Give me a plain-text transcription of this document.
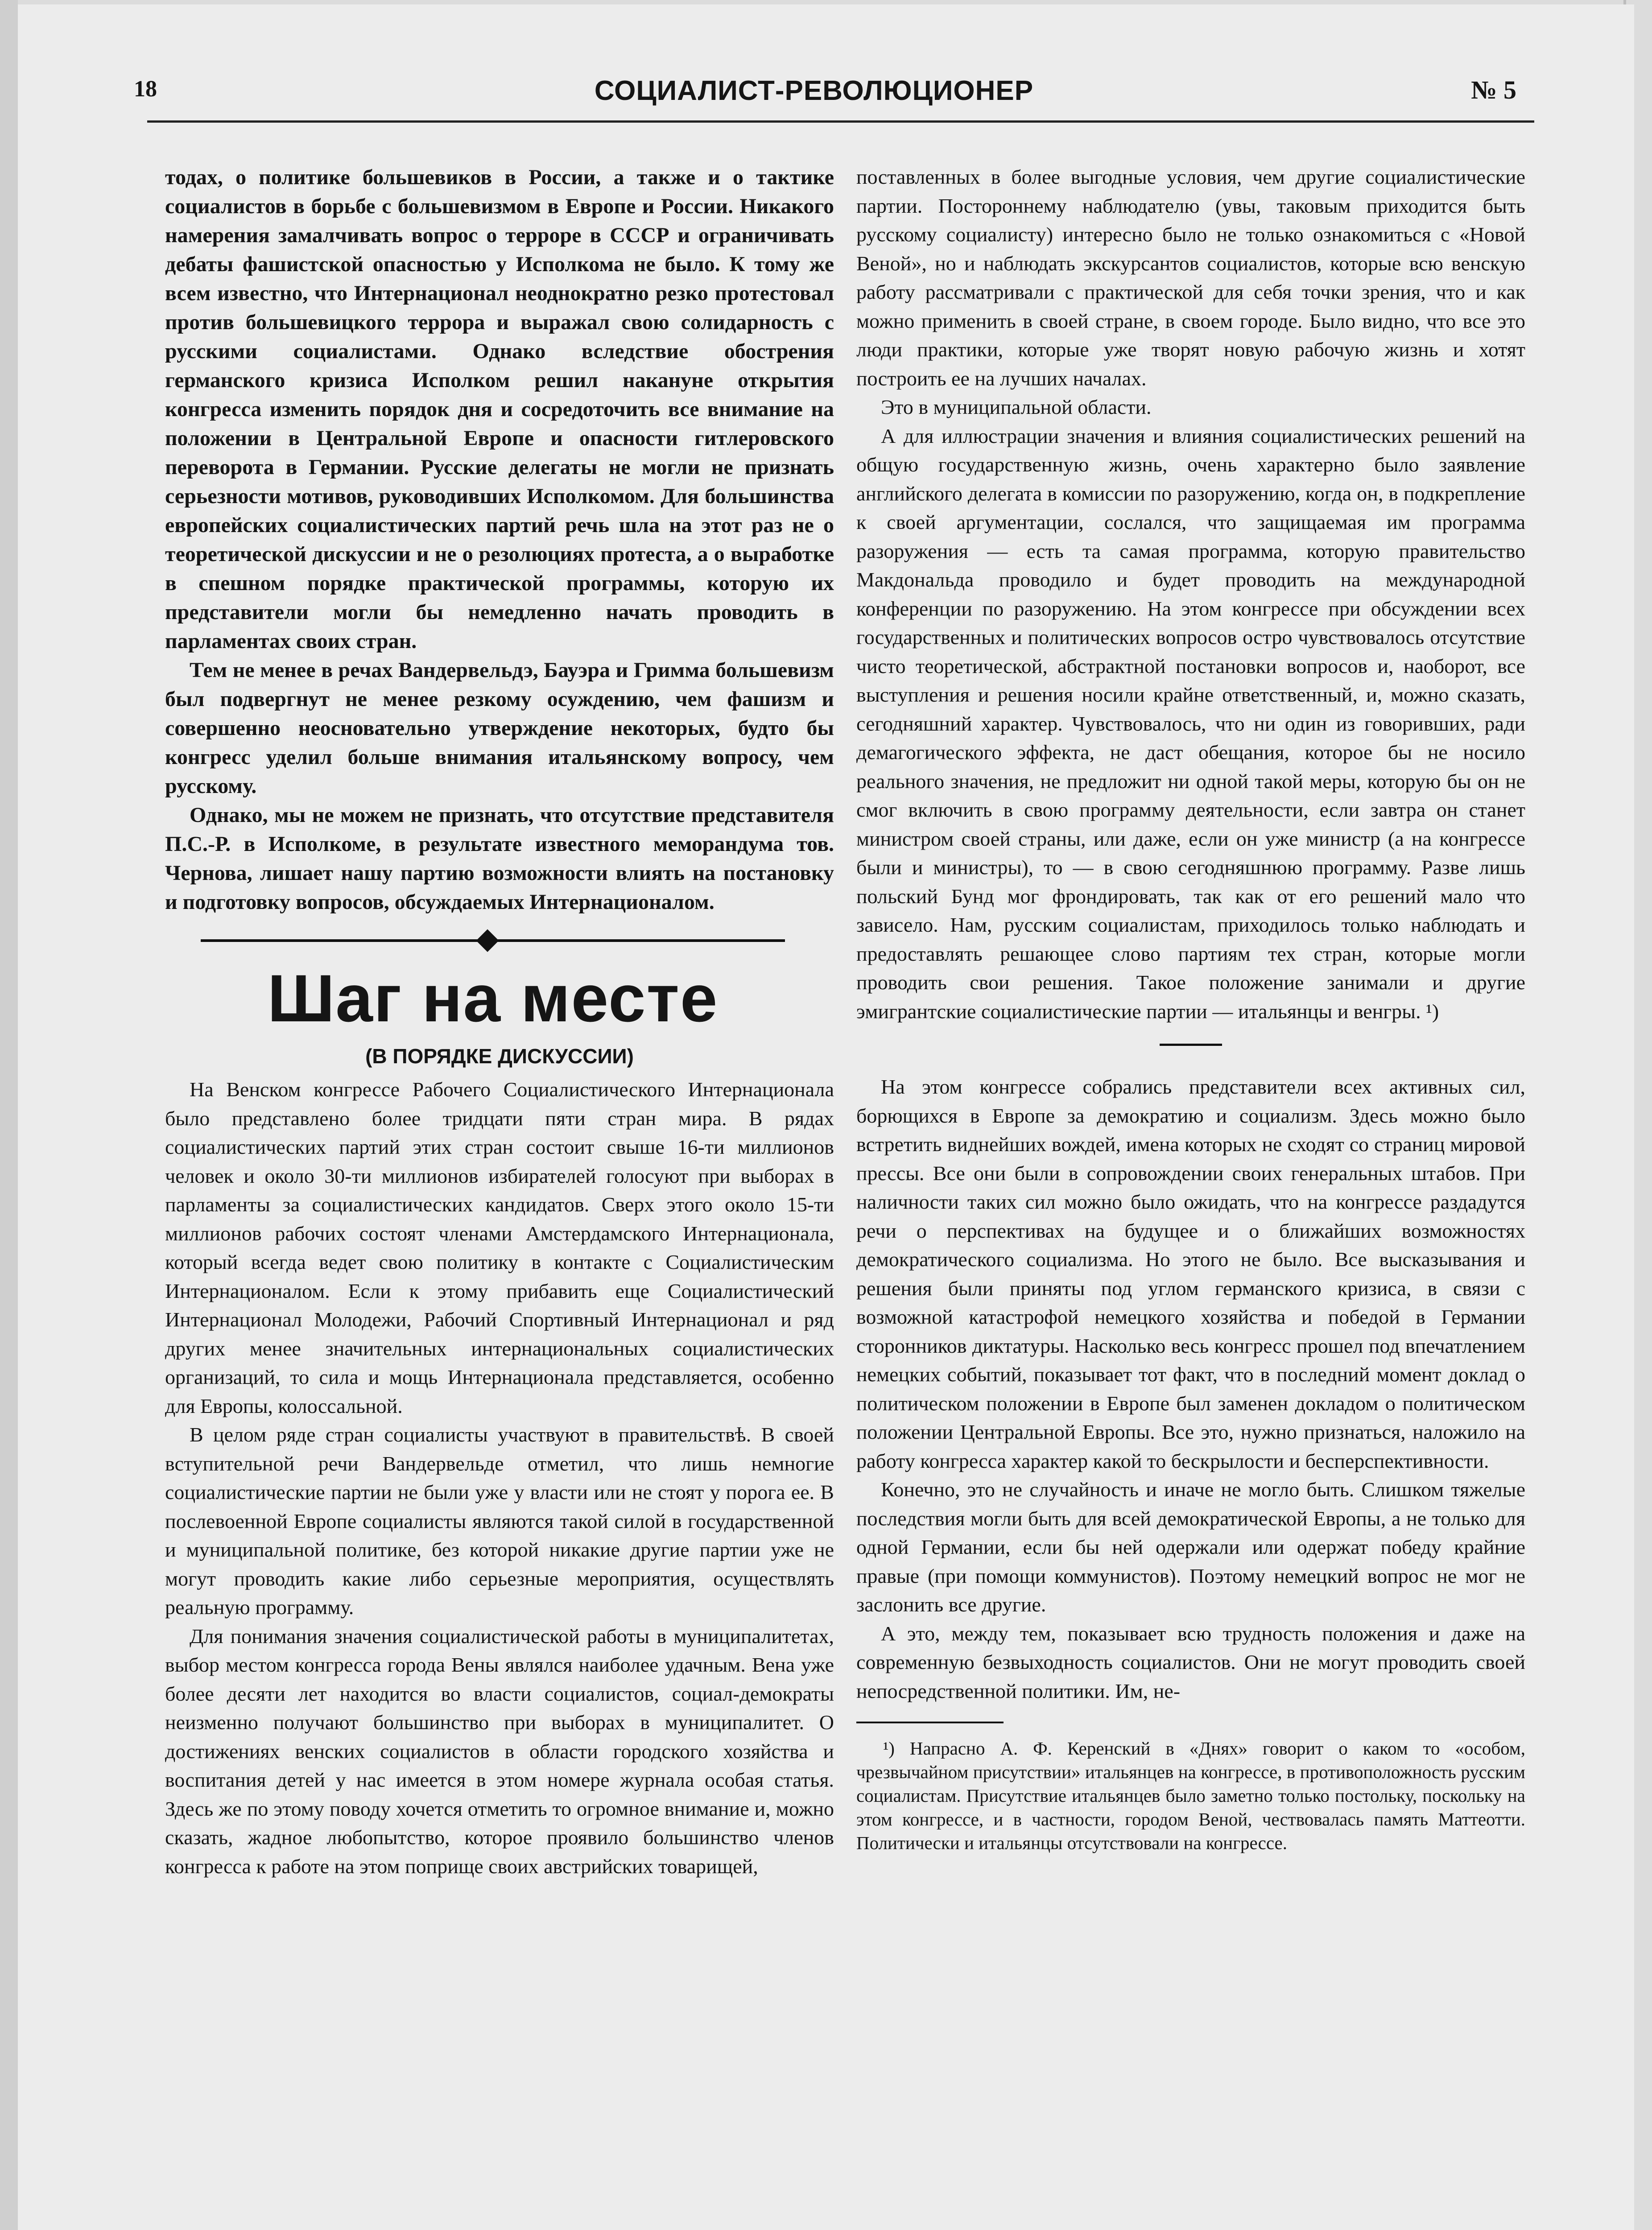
18	СОЦИАЛИСТ-РЕВОЛЮЦИОНЕР	№ 5

тодах, о политике большевиков в России, а также и о тактике социалистов в борьбе с большевизмом в Европе и России. Никакого намерения замалчивать вопрос о терроре в СССР и ограничивать дебаты фашистской опасностью у Исполкома не было. К тому же всем известно, что Интернационал неоднократно резко протестовал против большевицкого террора и выражал свою солидарность с русскими социалистами. Однако вследствие обострения германского кризиса Исполком решил накануне открытия конгресса изменить порядок дня и сосредоточить все внимание на положении в Центральной Европе и опасности гитлеровского переворота в Германии. Русские делегаты не могли не признать серьезности мотивов, руководивших Исполкомом. Для большинства европейских социалистических партий речь шла на этот раз не о теоретической дискуссии и не о резолюциях протеста, а о выработке в спешном порядке практической программы, которую их представители могли бы немедленно начать проводить в парламентах своих стран.

Тем не менее в речах Вандервельдэ, Бауэра и Гримма большевизм был подвергнут не менее резкому осуждению, чем фашизм и совершенно неосновательно утверждение некоторых, будто бы конгресс уделил больше внимания итальянскому вопросу, чем русскому.

Однако, мы не можем не признать, что отсутствие представителя П.С.-Р. в Исполкоме, в результате известного меморандума тов. Чернова, лишает нашу партию возможности влиять на постановку и подготовку вопросов, обсуждаемых Интернационалом.

Шаг на месте
(В ПОРЯДКЕ ДИСКУССИИ)

На Венском конгрессе Рабочего Социалистического Интернационала было представлено более тридцати пяти стран мира. В рядах социалистических партий этих стран состоит свыше 16-ти миллионов человек и около 30-ти миллионов избирателей голосуют при выборах в парламенты за социалистических кандидатов. Сверх этого около 15-ти миллионов рабочих состоят членами Амстердамского Интернационала, который всегда ведет свою политику в контакте с Социалистическим Интернационалом. Если к этому прибавить еще Социалистический Интернационал Молодежи, Рабочий Спортивный Интернационал и ряд других менее значительных интернациональных социалистических организаций, то сила и мощь Интернационала представляется, особенно для Европы, колоссальной.

В целом ряде стран социалисты участвуют в правительствѣ. В своей вступительной речи Вандервельде отметил, что лишь немногие социалистические партии не были уже у власти или не стоят у порога ее. В послевоенной Европе социалисты являются такой силой в государственной и муниципальной политике, без которой никакие другие партии уже не могут проводить какие либо серьезные мероприятия, осуществлять реальную программу.

Для понимания значения социалистической работы в муниципалитетах, выбор местом конгресса города Вены являлся наиболее удачным. Вена уже более десяти лет находится во власти социалистов, социал-демократы неизменно получают большинство при выборах в муниципалитет. О достижениях венских социалистов в области городского хозяйства и воспитания детей у нас имеется в этом номере журнала особая статья. Здесь же по этому поводу хочется отметить то огромное внимание и, можно сказать, жадное любопытство, которое проявило большинство членов конгресса к работе на этом поприще своих австрийских товарищей,

поставленных в более выгодные условия, чем другие социалистические партии. Постороннему наблюдателю (увы, таковым приходится быть русскому социалисту) интересно было не только ознакомиться с «Новой Веной», но и наблюдать экскурсантов социалистов, которые всю венскую работу рассматривали с практической для себя точки зрения, что и как можно применить в своей стране, в своем городе. Было видно, что все это люди практики, которые уже творят новую рабочую жизнь и хотят построить ее на лучших началах.

Это в муниципальной области.

А для иллюстрации значения и влияния социалистических решений на общую государственную жизнь, очень характерно было заявление английского делегата в комиссии по разоружению, когда он, в подкрепление к своей аргументации, сослался, что защищаемая им программа разоружения — есть та самая программа, которую правительство Макдональда проводило и будет проводить на международной конференции по разоружению. На этом конгрессе при обсуждении всех государственных и политических вопросов остро чувствовалось отсутствие чисто теоретической, абстрактной постановки вопросов и, наоборот, все выступления и решения носили крайне ответственный, и, можно сказать, сегодняшний характер. Чувствовалось, что ни один из говоривших, ради демагогического эффекта, не даст обещания, которое бы не носило реального значения, не предложит ни одной такой меры, которую бы он не смог включить в свою программу деятельности, если завтра он станет министром своей страны, или даже, если он уже министр (а на конгрессе были и министры), то — в свою сегодняшнюю программу. Разве лишь польский Бунд мог фрондировать, так как от его решений мало что зависело. Нам, русским социалистам, приходилось только наблюдать и предоставлять решающее слово партиям тех стран, которые могли проводить свои решения. Такое положение занимали и другие эмигрантские социалистические партии — итальянцы и венгры. ¹)

На этом конгрессе собрались представители всех активных сил, борющихся в Европе за демократию и социализм. Здесь можно было встретить виднейших вождей, имена которых не сходят со страниц мировой прессы. Все они были в сопровождении своих генеральных штабов. При наличности таких сил можно было ожидать, что на конгрессе раздадутся речи о перспективах на будущее и о ближайших возможностях демократического социализма. Но этого не было. Все высказывания и решения были приняты под углом германского кризиса, в связи с возможной катастрофой немецкого хозяйства и победой в Германии сторонников диктатуры. Насколько весь конгресс прошел под впечатлением немецких событий, показывает тот факт, что в последний момент доклад о политическом положении в Европе был заменен докладом о политическом положении Центральной Европы. Все это, нужно признаться, наложило на работу конгресса характер какой то бескрылости и бесперспективности.

Конечно, это не случайность и иначе не могло быть. Слишком тяжелые последствия могли быть для всей демократической Европы, а не только для одной Германии, если бы ней одержали или одержат победу крайние правые (при помощи коммунистов). Поэтому немецкий вопрос не мог не заслонить все другие.

А это, между тем, показывает всю трудность положения и даже на современную безвыходность социалистов. Они не могут проводить своей непосредственной политики. Им, не-

¹) Напрасно А. Ф. Керенский в «Днях» говорит о каком то «особом, чрезвычайном присутствии» итальянцев на конгрессе, в противоположность русским социалистам. Присутствие итальянцев было заметно только постольку, поскольку на этом конгрессе, и в частности, городом Веной, чествовалась память Маттеотти. Политически и итальянцы отсутствовали на конгрессе.
